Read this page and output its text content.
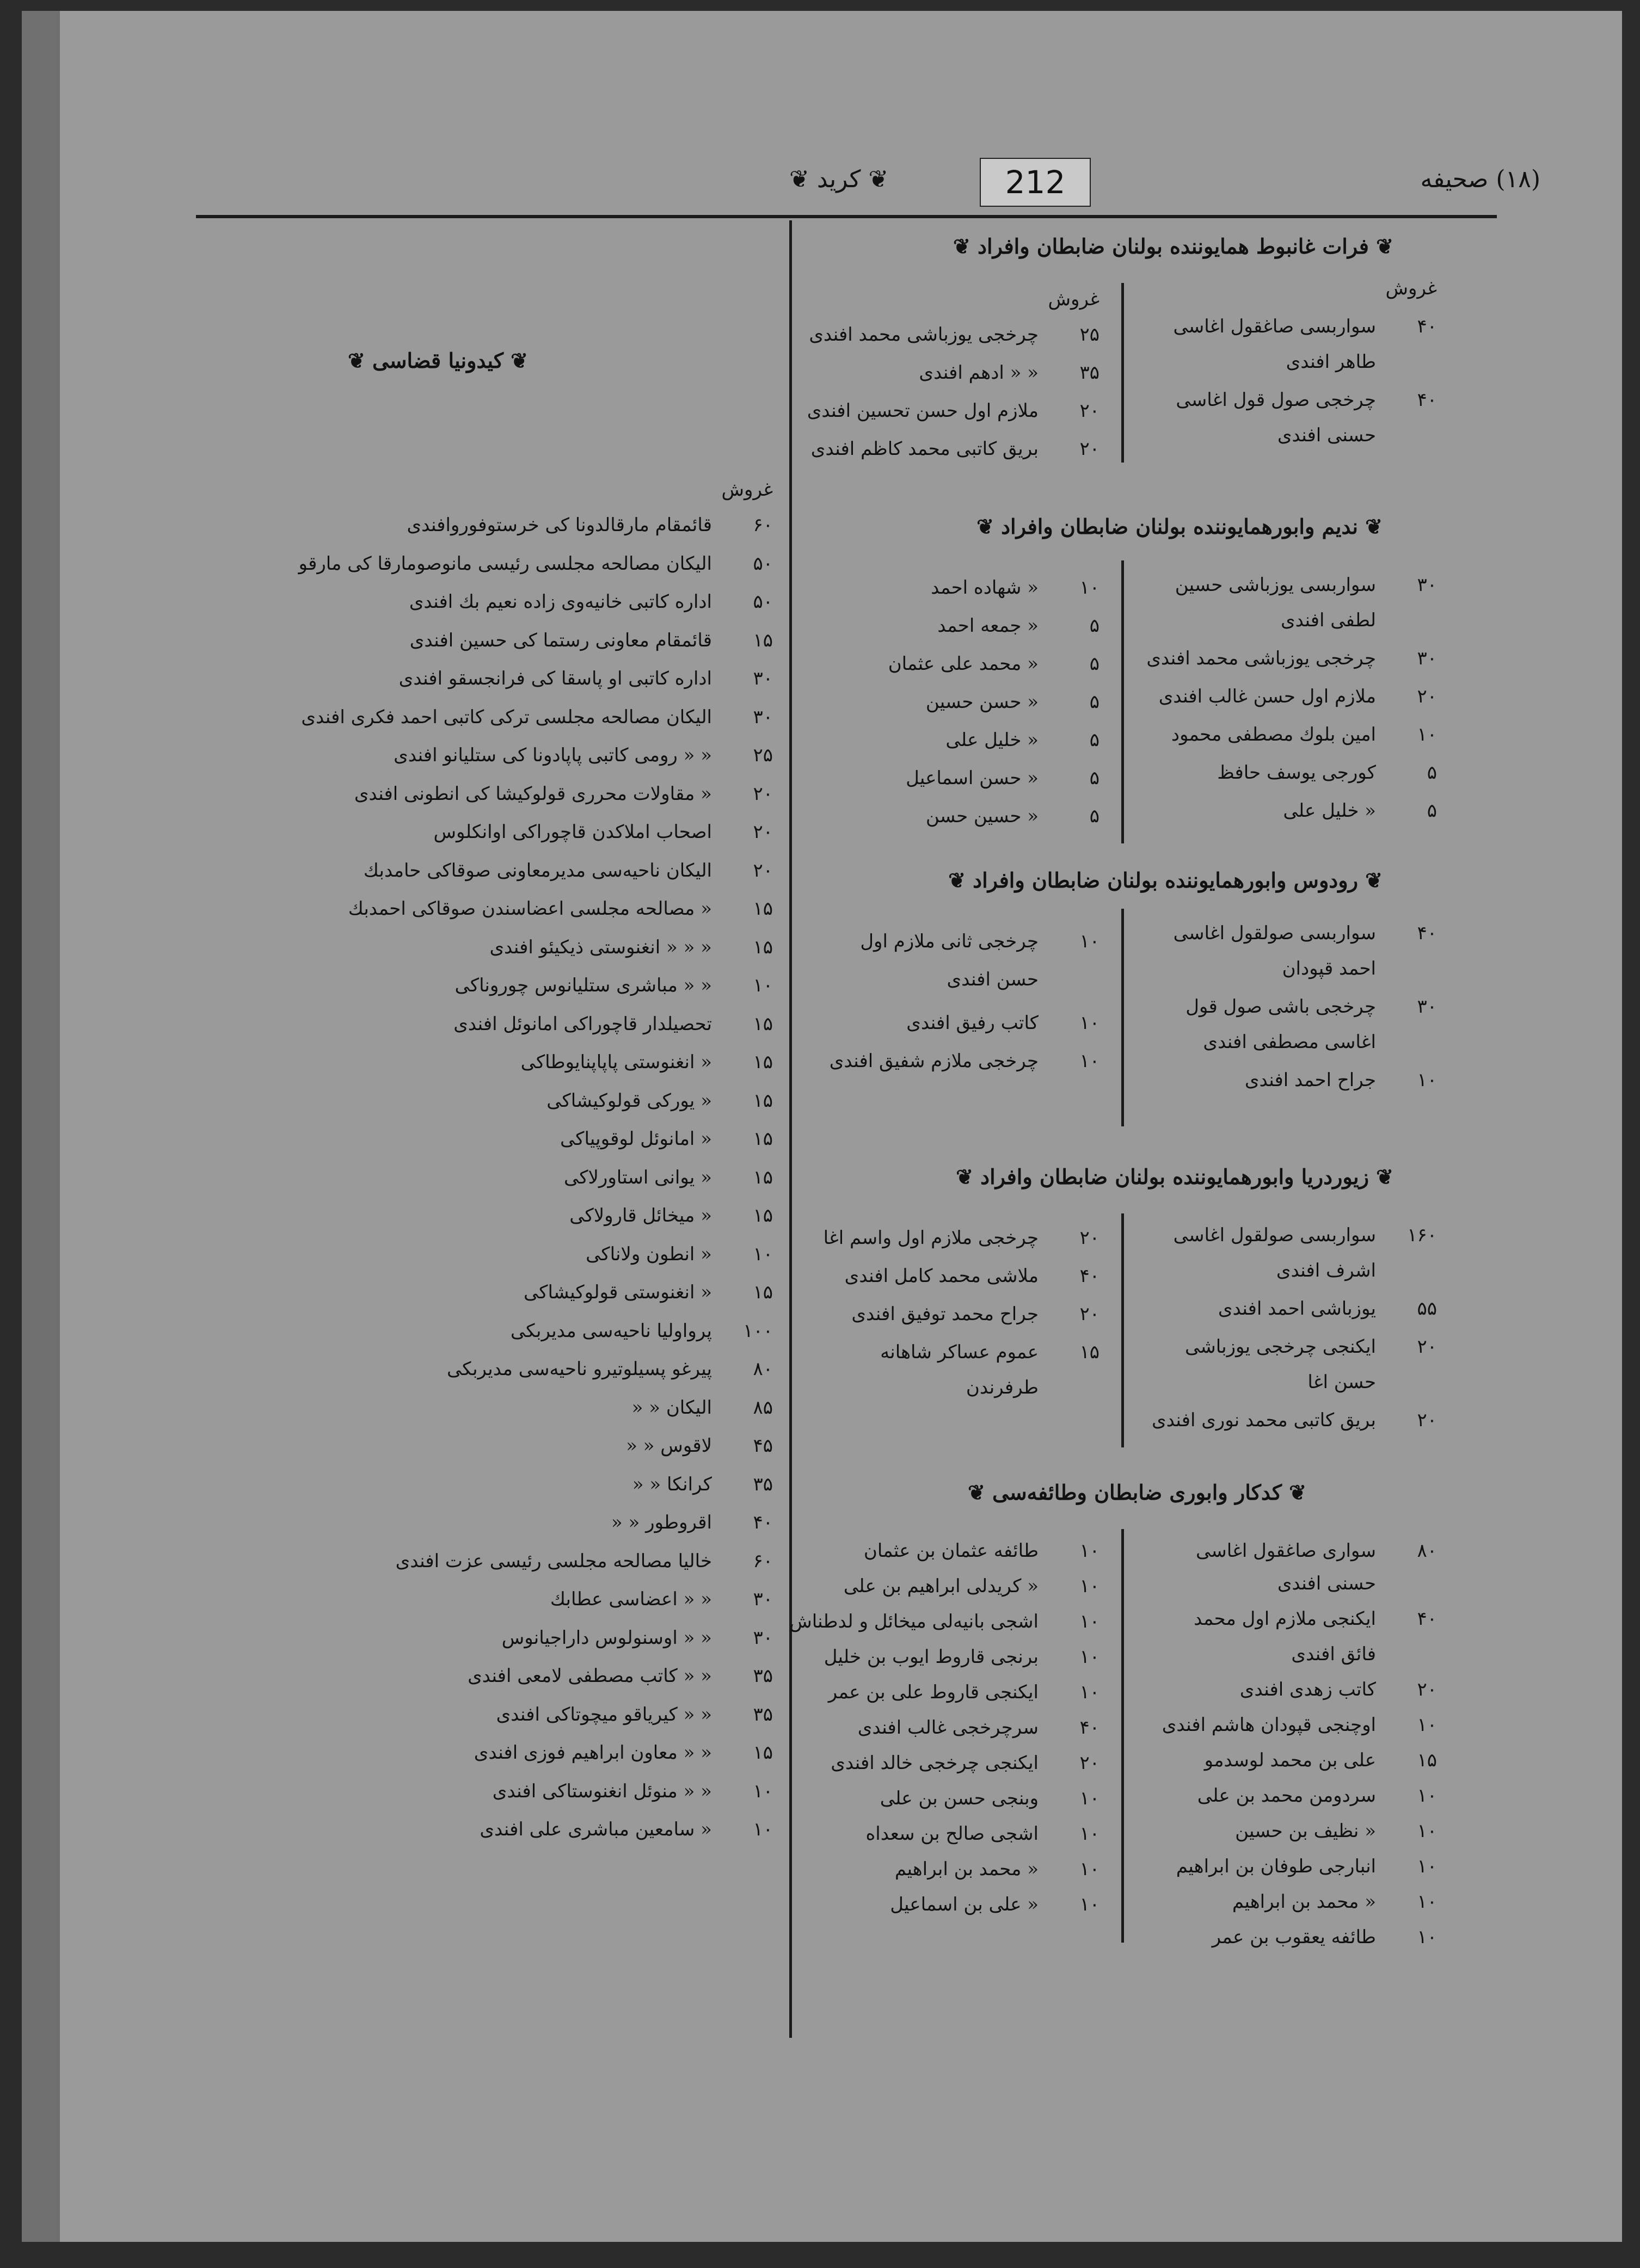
(۱۸) صحیفه
212
❦ کرید ❦
❦ فرات غانبوط همایوننده بولنان ضابطان وافراد ❦
غروش
غروش
۴۰سواربسی صاغقول اغاسی
طاهر افندی
۴۰چرخجی صول قول اغاسی
حسنی افندی
۲۵چرخجی یوزباشی محمد افندی
۳۵« « ادهم افندی
۲۰ملازم اول حسن تحسین افندی
۲۰بریق کاتبی محمد کاظم افندی
❦ ندیم وابورهمایوننده بولنان ضابطان وافراد ❦
۳۰سواربسی یوزباشی حسین
لطفی افندی
۳۰چرخجی یوزباشی محمد افندی
۲۰ملازم اول حسن غالب افندی
۱۰امین بلوك مصطفی محمود
۵کورجی یوسف حافظ
۵« خلیل علی
۱۰« شهاده احمد
۵« جمعه احمد
۵« محمد علی عثمان
۵« حسن حسین
۵« خلیل علی
۵« حسن اسماعیل
۵« حسین حسن
❦ رودوس وابورهمایوننده بولنان ضابطان وافراد ❦
۴۰سواربسی صولقول اغاسی
احمد قپودان
۳۰چرخجی باشی صول قول
اغاسی مصطفی افندی
۱۰جراح احمد افندی
۱۰چرخجی ثانی ملازم اول
حسن افندی
۱۰کاتب رفیق افندی
۱۰چرخجی ملازم شفیق افندی
❦ زیوردریا وابورهمایوننده بولنان ضابطان وافراد ❦
۱۶۰سواربسی صولقول اغاسی
اشرف افندی
۵۵یوزباشی احمد افندی
۲۰ایکنجی چرخجی یوزباشی
حسن اغا
۲۰بریق کاتبی محمد نوری افندی
۲۰چرخجی ملازم اول واسم اغا
۴۰ملاشی محمد کامل افندی
۲۰جراح محمد توفیق افندی
۱۵عموم عساکر شاهانه
طرفرندن
❦ کدکار وابوری ضابطان وطائفه‌سی ❦
۸۰سواری صاغقول اغاسی
حسنی افندی
۴۰ایکنجی ملازم اول محمد
فائق افندی
۲۰کاتب زهدی افندی
۱۰اوچنجی قپودان هاشم افندی
۱۵علی بن محمد لوسدمو
۱۰سردومن محمد بن علی
۱۰« نظیف بن حسین
۱۰انبارجی طوفان بن ابراهیم
۱۰« محمد بن ابراهیم
۱۰طائفه یعقوب بن عمر
۱۰طائفه عثمان بن عثمان
۱۰« کریدلی ابراهیم بن علی
۱۰اشجی بانیه‌لی میخائل و لدطناش
۱۰برنجی قاروط ایوب بن خلیل
۱۰ایکنجی قاروط علی بن عمر
۴۰سرچرخجی غالب افندی
۲۰ایکنجی چرخجی خالد افندی
۱۰وبنجی حسن بن علی
۱۰اشجی صالح بن سعداه
۱۰« محمد بن ابراهیم
۱۰« علی بن اسماعیل
❦ کیدونیا قضاسی ❦
غروش
۶۰قائمقام مارقالدونا کی خرستوفوروافندی
۵۰الیکان مصالحه مجلسی رئیسی مانوصومارقا کی مارقو
۵۰اداره کاتبی خانیه‌وی زاده نعیم بك افندی
۱۵قائمقام معاونی رستما کی حسین افندی
۳۰اداره کاتبی او پاسقا کی فرانجسقو افندی
۳۰الیکان مصالحه مجلسی ترکی کاتبی احمد فکری افندی
۲۵« « رومی کاتبی پاپادونا کی ستلیانو افندی
۲۰« مقاولات محرری قولوکیشا کی انطونی افندی
۲۰اصحاب املاکدن قاچوراکی اوانکلوس
۲۰الیکان ناحیه‌سی مدیرمعاونی صوقاکی حامدبك
۱۵« مصالحه مجلسی اعضاسندن صوقاکی احمدبك
۱۵« « « انغنوستی ذیکیئو افندی
۱۰« « مباشری ستلیانوس چوروناکی
۱۵تحصیلدار قاچوراکی امانوئل افندی
۱۵« انغنوستی پاپاپنایوطاکی
۱۵« یورکی قولوکیشاکی
۱۵« امانوئل لوقوپیاکی
۱۵« یوانی استاورلاکی
۱۵« میخائل قارولاکی
۱۰« انطون ولاناکی
۱۵« انغنوستی قولوکیشاکی
۱۰۰پرواولیا ناحیه‌سی مدیربکی
۸۰پیرغو پسیلوتیرو ناحیه‌سی مدیربکی
۸۵الیکان « «
۴۵لاقوس « «
۳۵کرانکا « «
۴۰اقروطور « «
۶۰خالیا مصالحه مجلسی رئیسی عزت افندی
۳۰« « اعضاسی عطابك
۳۰« « اوسنولوس داراجیانوس
۳۵« « کاتب مصطفی لامعی افندی
۳۵« « کیریاقو میچوتاکی افندی
۱۵« « معاون ابراهیم فوزی افندی
۱۰« « منوئل انغنوستاکی افندی
۱۰« سامعین مباشری علی افندی
